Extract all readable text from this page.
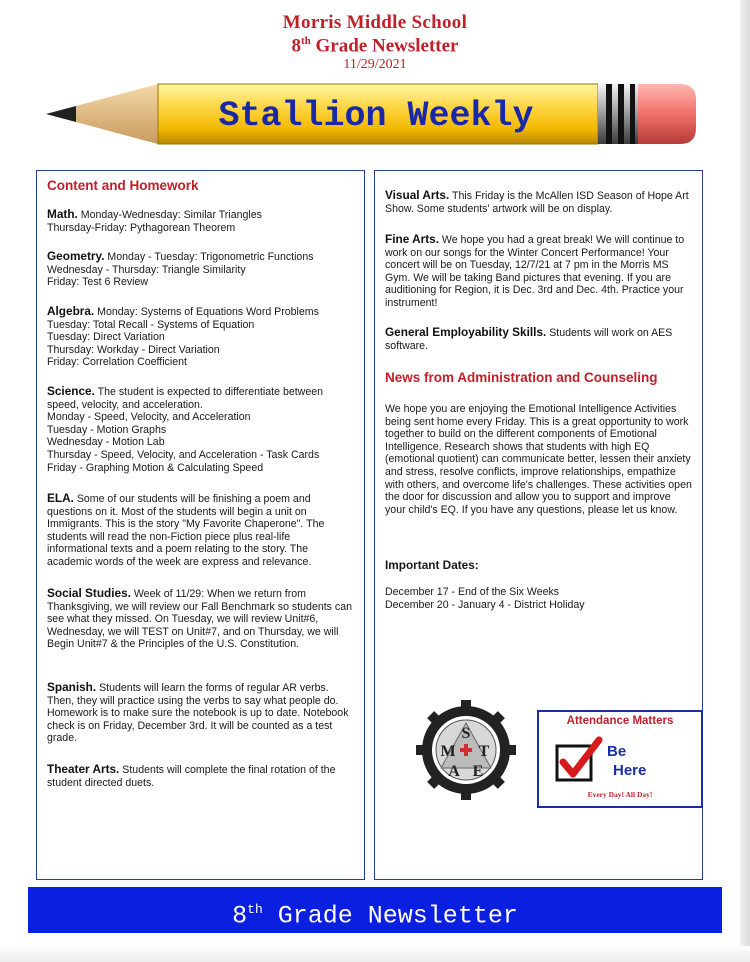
Morris Middle School
8th Grade Newsletter
11/29/2021
Stallion Weekly
Content and Homework
Math. Monday-Wednesday: Similar Triangles
Thursday-Friday: Pythagorean Theorem
Geometry. Monday - Tuesday: Trigonometric Functions
Wednesday - Thursday: Triangle Similarity
Friday: Test 6 Review
Algebra. Monday: Systems of Equations Word Problems
Tuesday: Total Recall - Systems of Equation
Tuesday: Direct Variation
Thursday: Workday - Direct Variation
Friday: Correlation Coefficient
Science. The student is expected to differentiate between speed, velocity, and acceleration.
Monday - Speed, Velocity, and Acceleration
Tuesday - Motion Graphs
Wednesday - Motion Lab
Thursday - Speed, Velocity, and Acceleration - Task Cards
Friday - Graphing Motion & Calculating Speed
ELA. Some of our students will be finishing a poem and questions on it. Most of the students will begin a unit on Immigrants. This is the story "My Favorite Chaperone". The students will read the non-Fiction piece plus real-life informational texts and a poem relating to the story. The academic words of the week are express and relevance.
Social Studies. Week of 11/29: When we return from Thanksgiving, we will review our Fall Benchmark so students can see what they missed. On Tuesday, we will review Unit#6, Wednesday, we will TEST on Unit#7, and on Thursday, we will Begin Unit#7 & the Principles of the U.S. Constitution.
Spanish. Students will learn the forms of regular AR verbs. Then, they will practice using the verbs to say what people do. Homework is to make sure the notebook is up to date. Notebook check is on Friday, December 3rd. It will be counted as a test grade.
Theater Arts. Students will complete the final rotation of the student directed duets.
Visual Arts. This Friday is the McAllen ISD Season of Hope Art Show. Some students' artwork will be on display.
Fine Arts. We hope you had a great break! We will continue to work on our songs for the Winter Concert Performance! Your concert will be on Tuesday, 12/7/21 at 7 pm in the Morris MS Gym. We will be taking Band pictures that evening. If you are auditioning for Region, it is Dec. 3rd and Dec. 4th. Practice your instrument!
General Employability Skills. Students will work on AES software.
News from Administration and Counseling
We hope you are enjoying the Emotional Intelligence Activities being sent home every Friday. This is a great opportunity to work together to build on the different components of Emotional Intelligence. Research shows that students with high EQ (emotional quotient) can communicate better, lessen their anxiety and stress, resolve conflicts, improve relationships, empathize with others, and overcome life's challenges. These activities open the door for discussion and allow you to support and improve your child's EQ. If you have any questions, please let us know.
Important Dates:
December 17 - End of the Six Weeks
December 20 - January 4 - District Holiday
S
M T
A E
Attendance Matters
Be
Here
Every Day! All Day!
8th Grade Newsletter
